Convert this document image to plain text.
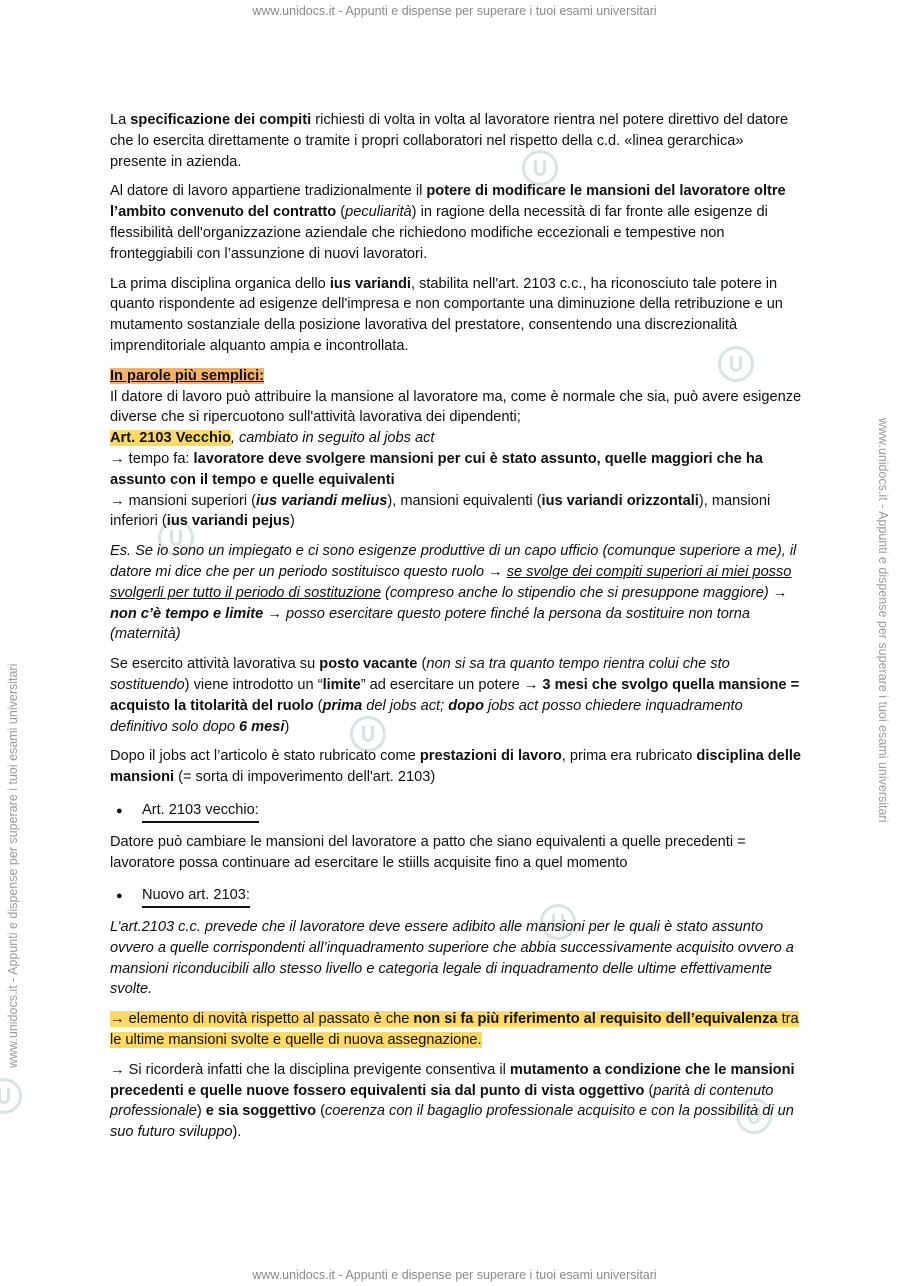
www.unidocs.it - Appunti e dispense per superare i tuoi esami universitari
www.unidocs.it - Appunti e dispense per superare i tuoi esami universitari
www.unidocs.it - Appunti e dispense per superare i tuoi esami universitari

La specificazione dei compiti richiesti di volta in volta al lavoratore rientra nel potere direttivo del datore che lo esercita direttamente o tramite i propri collaboratori nel rispetto della c.d. «linea gerarchica» presente in azienda.

Al datore di lavoro appartiene tradizionalmente il potere di modificare le mansioni del lavoratore oltre l’ambito convenuto del contratto (peculiarità) in ragione della necessità di far fronte alle esigenze di flessibilità dell'organizzazione aziendale che richiedono modifiche eccezionali e tempestive non fronteggiabili con l’assunzione di nuovi lavoratori.

La prima disciplina organica dello ius variandi, stabilita nell'art. 2103 c.c., ha riconosciuto tale potere in quanto rispondente ad esigenze dell'impresa e non comportante una diminuzione della retribuzione e un mutamento sostanziale della posizione lavorativa del prestatore, consentendo una discrezionalità imprenditoriale alquanto ampia e incontrollata.

In parole più semplici:
Il datore di lavoro può attribuire la mansione al lavoratore ma, come è normale che sia, può avere esigenze diverse che si ripercuotono sull'attività lavorativa dei dipendenti;
Art. 2103 Vecchio, cambiato in seguito al jobs act
→ tempo fa: lavoratore deve svolgere mansioni per cui è stato assunto, quelle maggiori che ha assunto con il tempo e quelle equivalenti
→ mansioni superiori (ius variandi melius), mansioni equivalenti (ius variandi orizzontali), mansioni inferiori (ius variandi pejus)

Es. Se io sono un impiegato e ci sono esigenze produttive di un capo ufficio (comunque superiore a me), il datore mi dice che per un periodo sostituisco questo ruolo → se svolge dei compiti superiori ai miei posso svolgerli per tutto il periodo di sostituzione (compreso anche lo stipendio che si presuppone maggiore) → non c’è tempo e limite → posso esercitare questo potere finché la persona da sostituire non torna (maternità)

Se esercito attività lavorativa su posto vacante (non si sa tra quanto tempo rientra colui che sto sostituendo) viene introdotto un “limite” ad esercitare un potere → 3 mesi che svolgo quella mansione = acquisto la titolarità del ruolo (prima del jobs act; dopo jobs act posso chiedere inquadramento definitivo solo dopo 6 mesi)

Dopo il jobs act l’articolo è stato rubricato come prestazioni di lavoro, prima era rubricato disciplina delle mansioni (= sorta di impoverimento dell'art. 2103)

●
Art. 2103 vecchio:

Datore può cambiare le mansioni del lavoratore a patto che siano equivalenti a quelle precedenti = lavoratore possa continuare ad esercitare le stiills acquisite fino a quel momento

●
Nuovo art. 2103:

L’art.2103 c.c. prevede che il lavoratore deve essere adibito alle mansioni per le quali è stato assunto ovvero a quelle corrispondenti all’inquadramento superiore che abbia successivamente acquisito ovvero a mansioni riconducibili allo stesso livello e categoria legale di inquadramento delle ultime effettivamente svolte.

→ elemento di novità rispetto al passato è che non si fa più riferimento al requisito dell’equivalenza tra le ultime mansioni svolte e quelle di nuova assegnazione.

→ Si ricorderà infatti che la disciplina previgente consentiva il mutamento a condizione che le mansioni precedenti e quelle nuove fossero equivalenti sia dal punto di vista oggettivo (parità di contenuto professionale) e sia soggettivo (coerenza con il bagaglio professionale acquisito e con la possibilità di un suo futuro sviluppo).

www.unidocs.it - Appunti e dispense per superare i tuoi esami universitari
